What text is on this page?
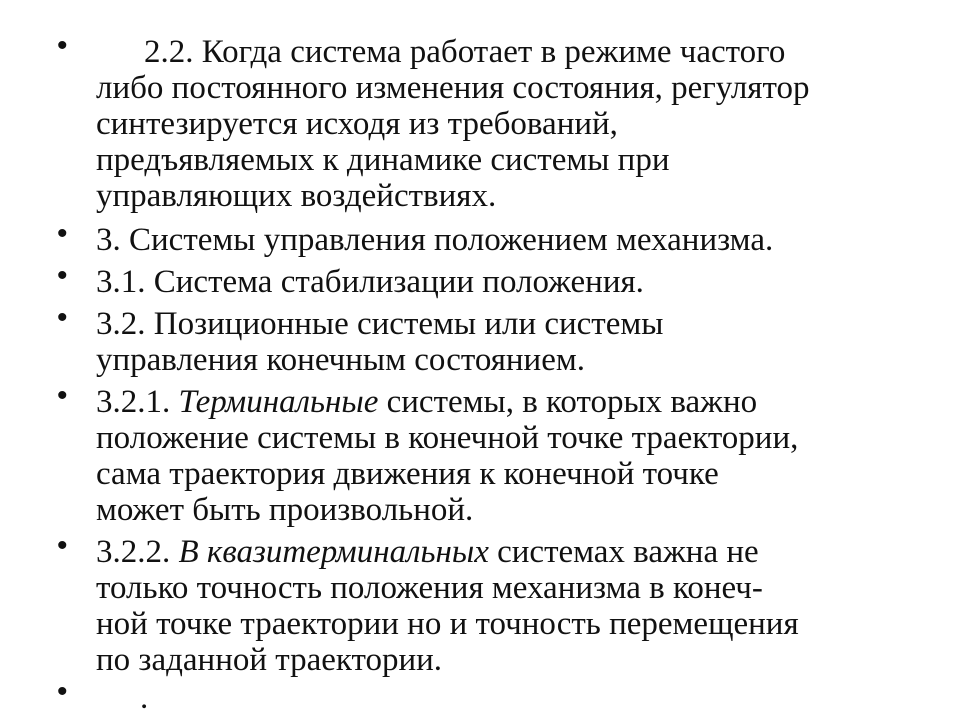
•	2.2. Когда система работает в режиме частого
либо постоянного изменения состояния, регулятор
синтезируется исходя из требований,
предъявляемых к динамике системы при
управляющих воздействиях.
• 3. Системы управления положением механизма.
• 3.1. Система стабилизации положения.
• 3.2. Позиционные системы или системы
управления конечным состоянием.
• 3.2.1. Терминальные системы, в которых важно
положение системы в конечной точке траектории,
сама траектория движения к конечной точке
может быть произвольной.
• 3.2.2. В квазитерминальных системах важна не
только точность положения механизма в конеч-
ной точке траектории но и точность перемещения
по заданной траектории.
•	.
